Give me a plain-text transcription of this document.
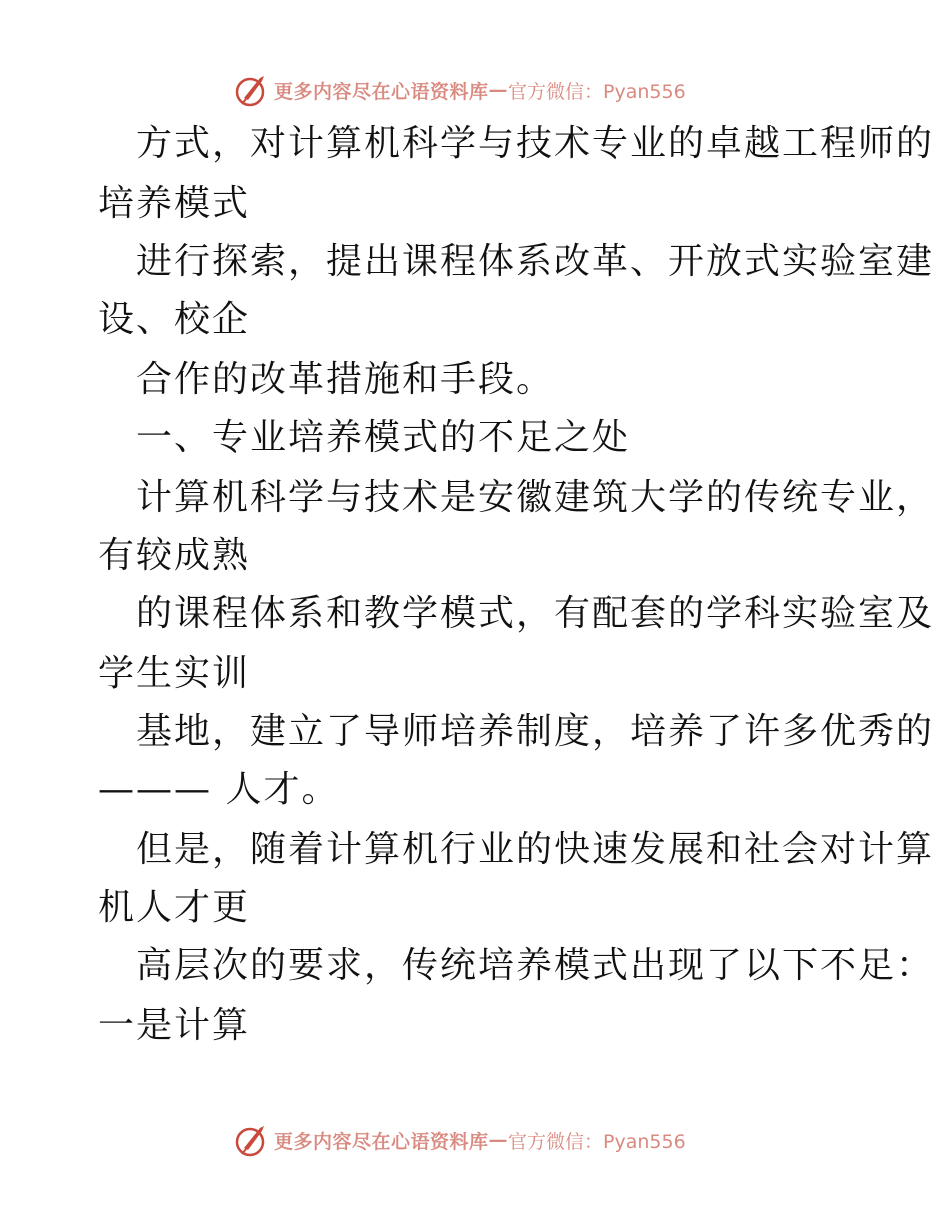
更多内容尽在心语资料库 — 官方微信：Pyan556
方式，对计算机科学与技术专业的卓越工程师的
培养模式
进行探索，提出课程体系改革、开放式实验室建
设、校企
合作的改革措施和手段。
一、专业培养模式的不足之处
计算机科学与技术是安徽建筑大学的传统专业，
有较成熟
的课程体系和教学模式，有配套的学科实验室及
学生实训
基地，建立了导师培养制度，培养了许多优秀的
——— 人才。
但是，随着计算机行业的快速发展和社会对计算
机人才更
高层次的要求，传统培养模式出现了以下不足：
一是计算
更多内容尽在心语资料库 — 官方微信：Pyan556
